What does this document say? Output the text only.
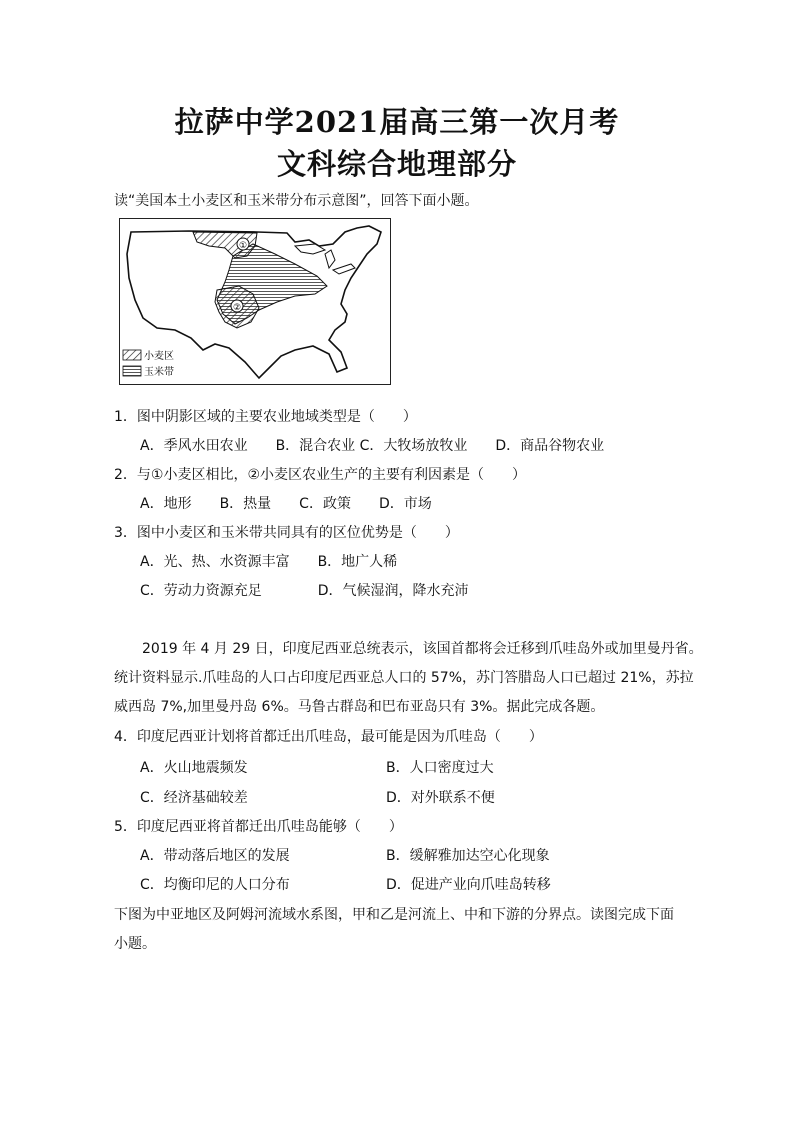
拉萨中学2021届高三第一次月考
文科综合地理部分
读“美国本土小麦区和玉米带分布示意图”，回答下面小题。
①
②
小麦区
玉米带
1．图中阴影区域的主要农业地域类型是（　　）
A．季风水田农业　　B．混合农业 C．大牧场放牧业　　D．商品谷物农业
2．与①小麦区相比，②小麦区农业生产的主要有利因素是（　　）
A．地形　　B．热量　　C．政策　　D．市场
3．图中小麦区和玉米带共同具有的区位优势是（　　）
A．光、热、水资源丰富　　B．地广人稀
C．劳动力资源充足　　　　D．气候湿润，降水充沛
2019 年 4 月 29 日，印度尼西亚总统表示，该国首都将会迁移到爪哇岛外或加里曼丹省。
统计资料显示.爪哇岛的人口占印度尼西亚总人口的 57%，苏门答腊岛人口已超过 21%，苏拉
威西岛 7%,加里曼丹岛 6%。马鲁古群岛和巴布亚岛只有 3%。据此完成各题。
4．印度尼西亚计划将首都迁出爪哇岛，最可能是因为爪哇岛（　　）
A．火山地震频发	B．人口密度过大
C．经济基础较差	D．对外联系不便
5．印度尼西亚将首都迁出爪哇岛能够（　　）
A．带动落后地区的发展	B．缓解雅加达空心化现象
C．均衡印尼的人口分布	D．促进产业向爪哇岛转移
下图为中亚地区及阿姆河流域水系图，甲和乙是河流上、中和下游的分界点。读图完成下面
小题。
